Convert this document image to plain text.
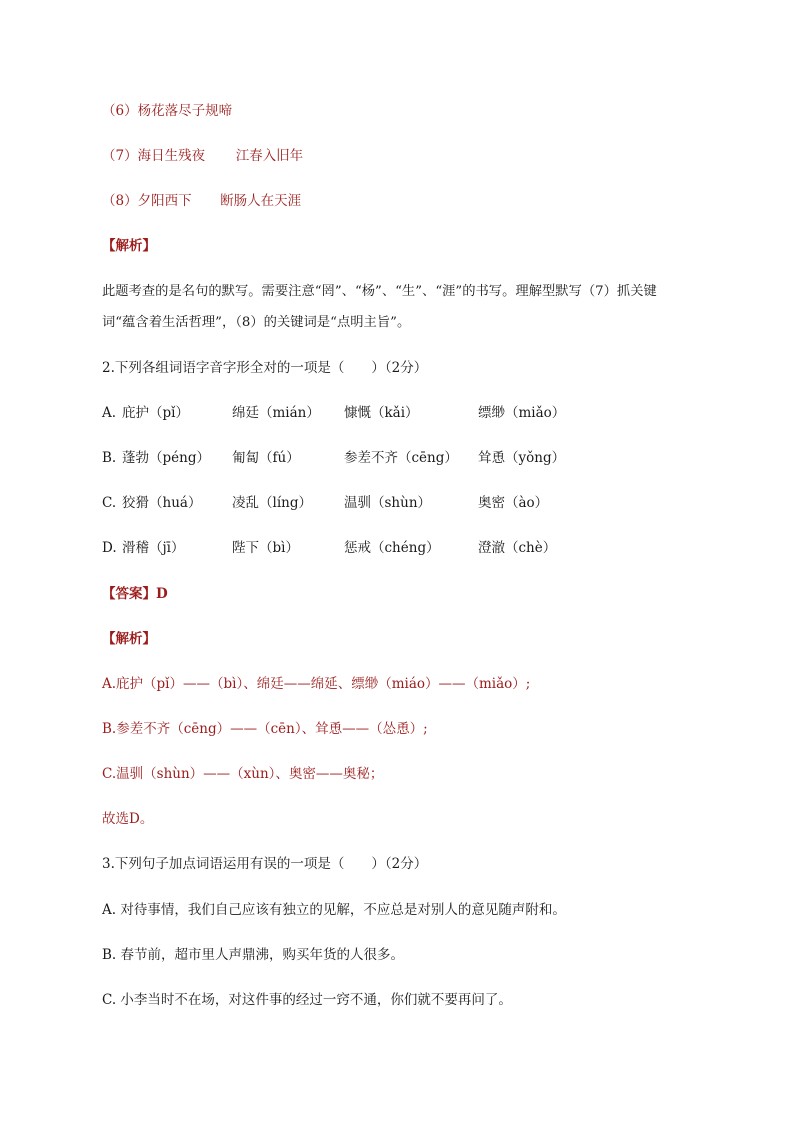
（6）杨花落尽子规啼
（7）海日生残夜 江春入旧年
（8）夕阳西下 断肠人在天涯
【解析】
此题考查的是名句的默写。需要注意“罔”、“杨”、“生”、“涯”的书写。理解型默写（7）抓关键
词“蕴含着生活哲理”，（8）的关键词是“点明主旨”。
2.下列各组词语字音字形全对的一项是（　　）（2分）
A. 庇护（pǐ）	绵廷（mián） 慷慨（kǎi）	缥缈（miǎo）
B. 蓬勃（péng） 匍匐（fú）	参差不齐（cēng） 耸恿（yǒng）
C. 狡猾（huá） 凌乱（líng） 温驯（shùn）	奥密（ào）
D. 滑稽（jī）	陛下（bì）	惩戒（chéng）	澄澈（chè）
【答案】D
【解析】
A.庇护（pǐ）——（bì）、绵廷——绵延、缥缈（miáo）——（miǎo）;
B.参差不齐（cēng）——（cēn）、耸恿——（怂恿）;
C.温驯（shùn）——（xùn）、奥密——奥秘；
故选D。
3.下列句子加点词语运用有误的一项是（　　）（2分）
A. 对待事情，我们自己应该有独立的见解，不应总是对别人的意见随声附和。
B. 春节前，超市里人声鼎沸，购买年货的人很多。
C. 小李当时不在场，对这件事的经过一窍不通，你们就不要再问了。
